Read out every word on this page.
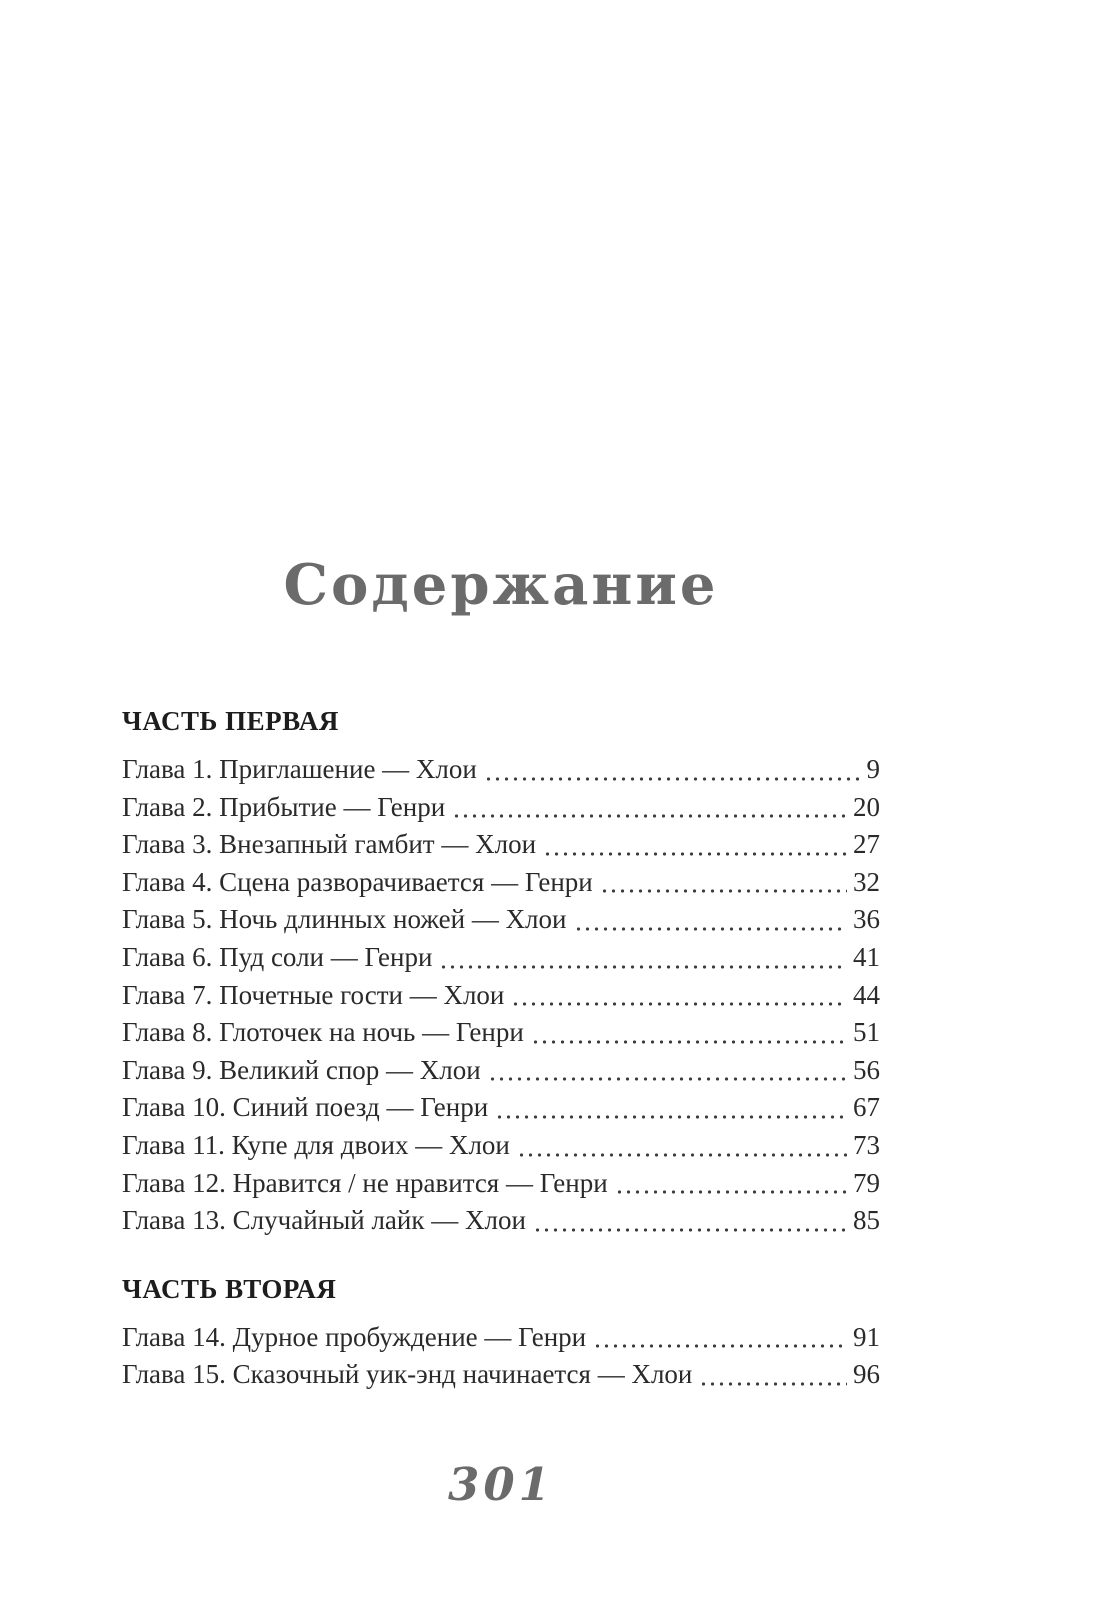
Содержание
ЧАСТЬ ПЕРВАЯ
Глава 1. Приглашение — Хлои	9
Глава 2. Прибытие — Генри	20
Глава 3. Внезапный гамбит — Хлои	27
Глава 4. Сцена разворачивается — Генри	32
Глава 5. Ночь длинных ножей — Хлои	36
Глава 6. Пуд соли — Генри	41
Глава 7. Почетные гости — Хлои	44
Глава 8. Глоточек на ночь — Генри	51
Глава 9. Великий спор — Хлои	56
Глава 10. Синий поезд — Генри	67
Глава 11. Купе для двоих — Хлои	73
Глава 12. Нравится / не нравится — Генри	79
Глава 13. Случайный лайк — Хлои	85
ЧАСТЬ ВТОРАЯ
Глава 14. Дурное пробуждение — Генри	91
Глава 15. Сказочный уик-энд начинается — Хлои	96

301
